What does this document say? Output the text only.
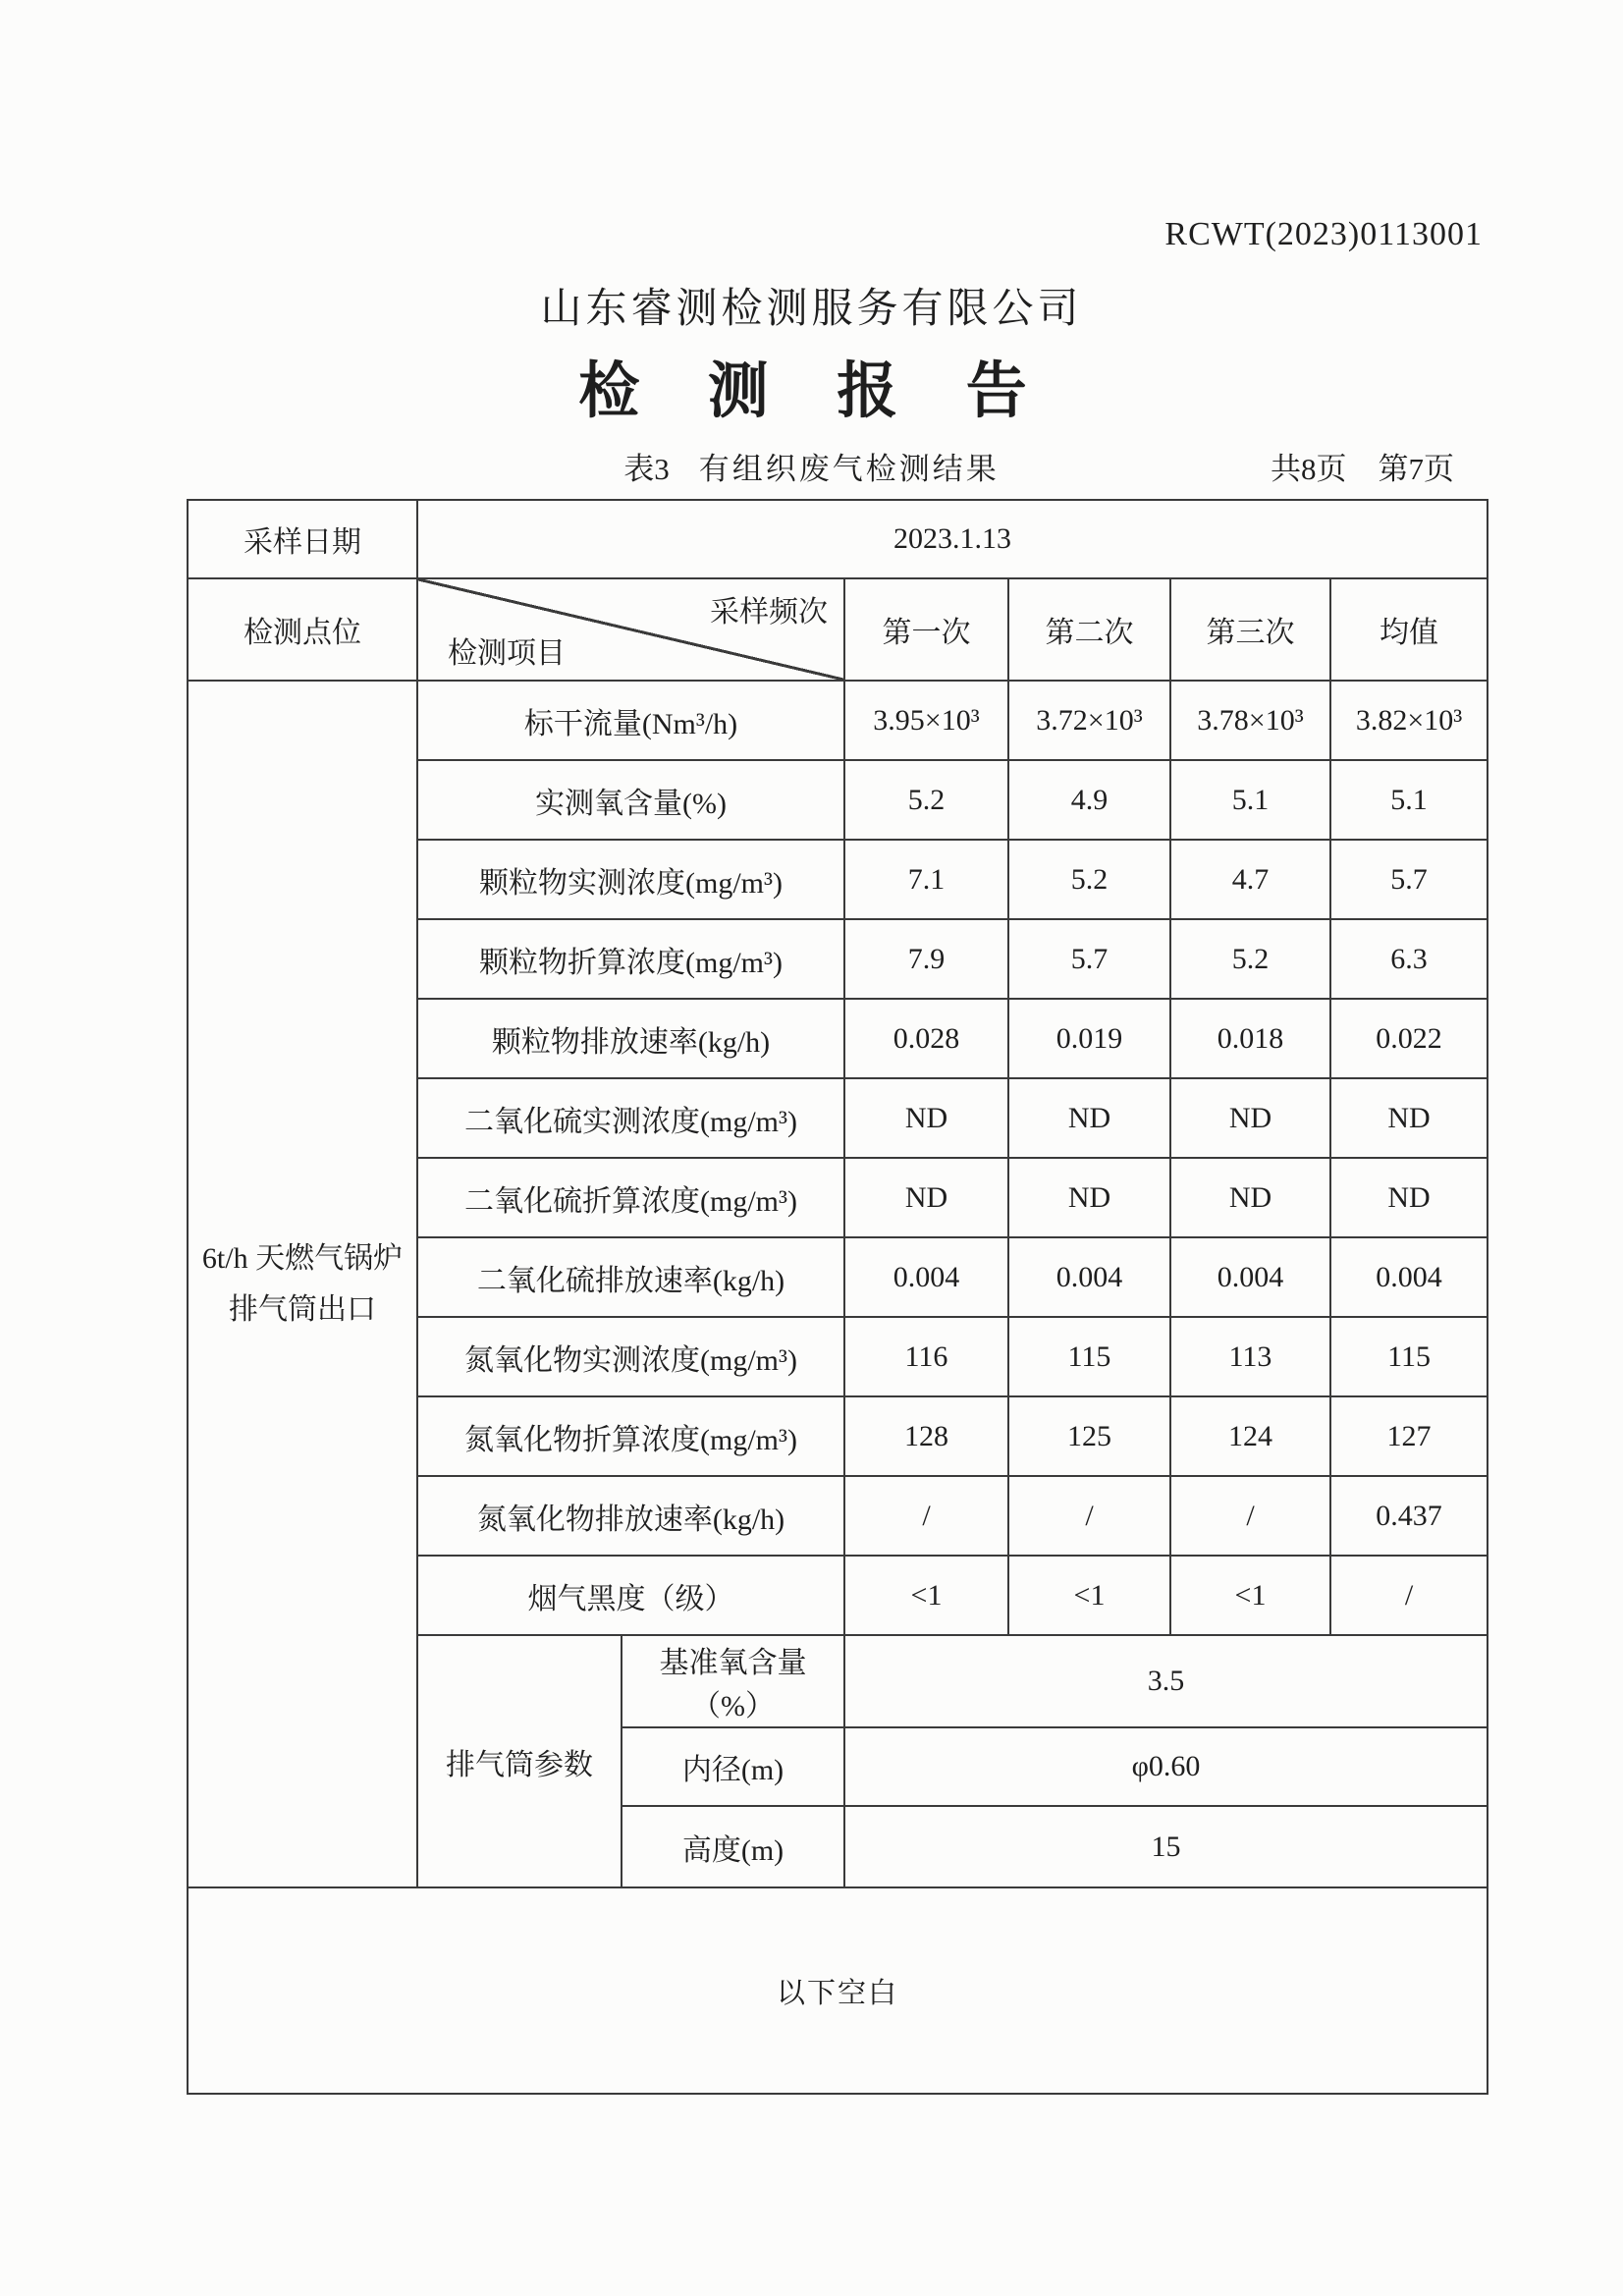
RCWT(2023)0113001
山东睿测检测服务有限公司
检 测 报 告
表3 有组织废气检测结果	共8页 第7页
采样日期	2023.1.13					
检测点位	采样频次
检测项目		第一次	第二次	第三次	均值

6t/h 天燃气锅炉
排气筒出口	标干流量(Nm³/h)		3.95×10³	3.72×10³	3.78×10³	3.82×10³
	实测氧含量(%)		5.2	4.9	5.1	5.1
	颗粒物实测浓度(mg/m³)		7.1	5.2	4.7	5.7
	颗粒物折算浓度(mg/m³)		7.9	5.7	5.2	6.3
	颗粒物排放速率(kg/h)		0.028	0.019	0.018	0.022
	二氧化硫实测浓度(mg/m³)		ND	ND	ND	ND
	二氧化硫折算浓度(mg/m³)		ND	ND	ND	ND
	二氧化硫排放速率(kg/h)		0.004	0.004	0.004	0.004
	氮氧化物实测浓度(mg/m³)		116	115	113	115
	氮氧化物折算浓度(mg/m³)		128	125	124	127
	氮氧化物排放速率(kg/h)		/	/	/	0.437
	烟气黑度（级）		<1	<1	<1	/
	排气筒参数	基准氧含量（%）	3.5			
		内径(m)	φ0.60			
		高度(m)	15			
以下空白						
